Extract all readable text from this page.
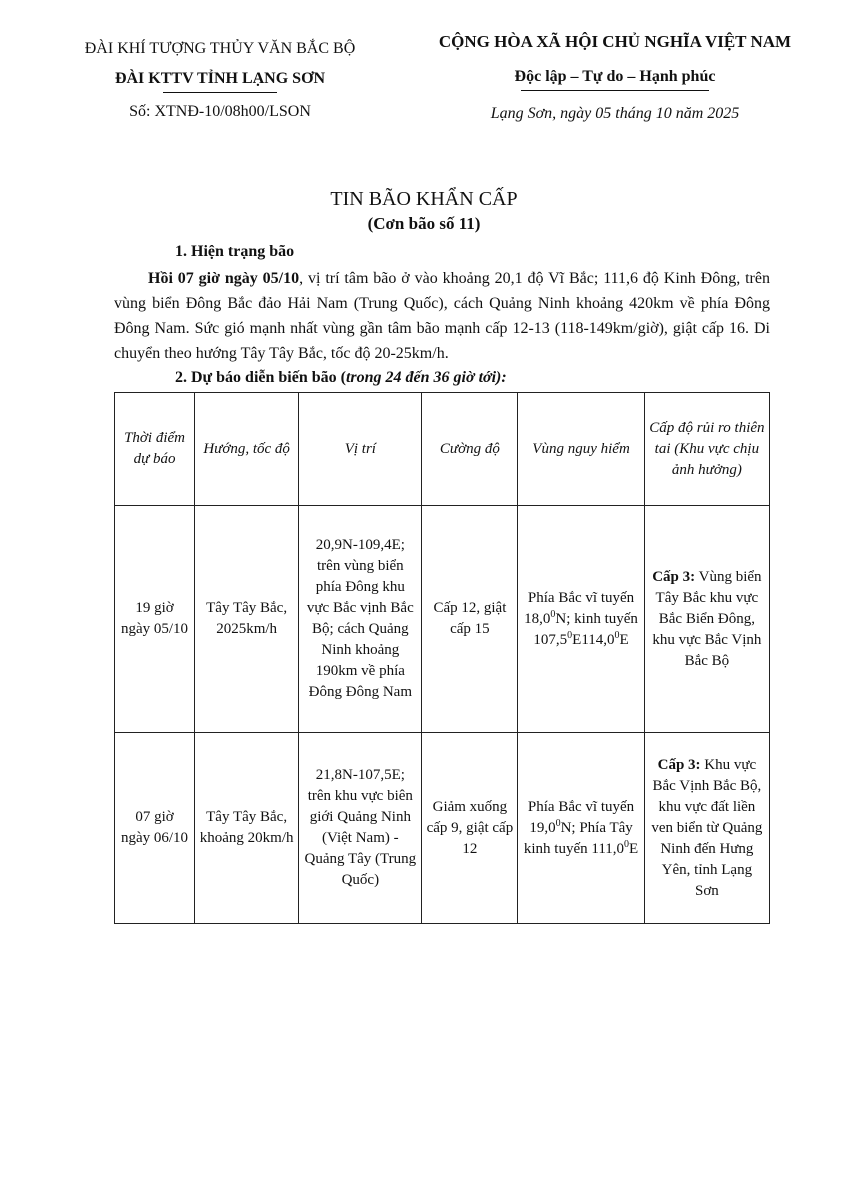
ĐÀI KHÍ TƯỢNG THỦY VĂN BẮC BỘ
ĐÀI KTTV TỈNH LẠNG SƠN
Số: XTNĐ-10/08h00/LSON
CỘNG HÒA XÃ HỘI CHỦ NGHĨA VIỆT NAM
Độc lập – Tự do – Hạnh phúc
Lạng Sơn, ngày 05 tháng 10 năm 2025
TIN BÃO KHẨN CẤP
(Cơn bão số 11)
1. Hiện trạng bão
Hồi 07 giờ ngày 05/10, vị trí tâm bão ở vào khoảng 20,1 độ Vĩ Bắc; 111,6 độ Kinh Đông, trên vùng biển Đông Bắc đảo Hải Nam (Trung Quốc), cách Quảng Ninh khoảng 420km về phía Đông Đông Nam. Sức gió mạnh nhất vùng gần tâm bão mạnh cấp 12-13 (118-149km/giờ), giật cấp 16. Di chuyển theo hướng Tây Tây Bắc, tốc độ 20-25km/h.
2. Dự báo diễn biến bão (trong 24 đến 36 giờ tới):
Thời điểm dự báo	Hướng, tốc độ	Vị trí	Cường độ	Vùng nguy hiểm	Cấp độ rủi ro thiên tai (Khu vực chịu ảnh hưởng)
19 giờ ngày 05/10	Tây Tây Bắc, 2025km/h	20,9N-109,4E; trên vùng biển phía Đông khu vực Bắc vịnh Bắc Bộ; cách Quảng Ninh khoảng 190km về phía Đông Đông Nam	Cấp 12, giật cấp 15	Phía Bắc vĩ tuyến 18,0$^0$N; kinh tuyến 107,5$^0$E114,0$^0$E	Cấp 3: Vùng biển Tây Bắc khu vực Bắc Biển Đông, khu vực Bắc Vịnh Bắc Bộ
07 giờ ngày 06/10	Tây Tây Bắc, khoảng 20km/h	21,8N-107,5E; trên khu vực biên giới Quảng Ninh (Việt Nam) - Quảng Tây (Trung Quốc)	Giảm xuống cấp 9, giật cấp 12	Phía Bắc vĩ tuyến 19,0$^0$N; Phía Tây kinh tuyến 111,0$^0$E	Cấp 3: Khu vực Bắc Vịnh Bắc Bộ, khu vực đất liền ven biển từ Quảng Ninh đến Hưng Yên, tỉnh Lạng Sơn
